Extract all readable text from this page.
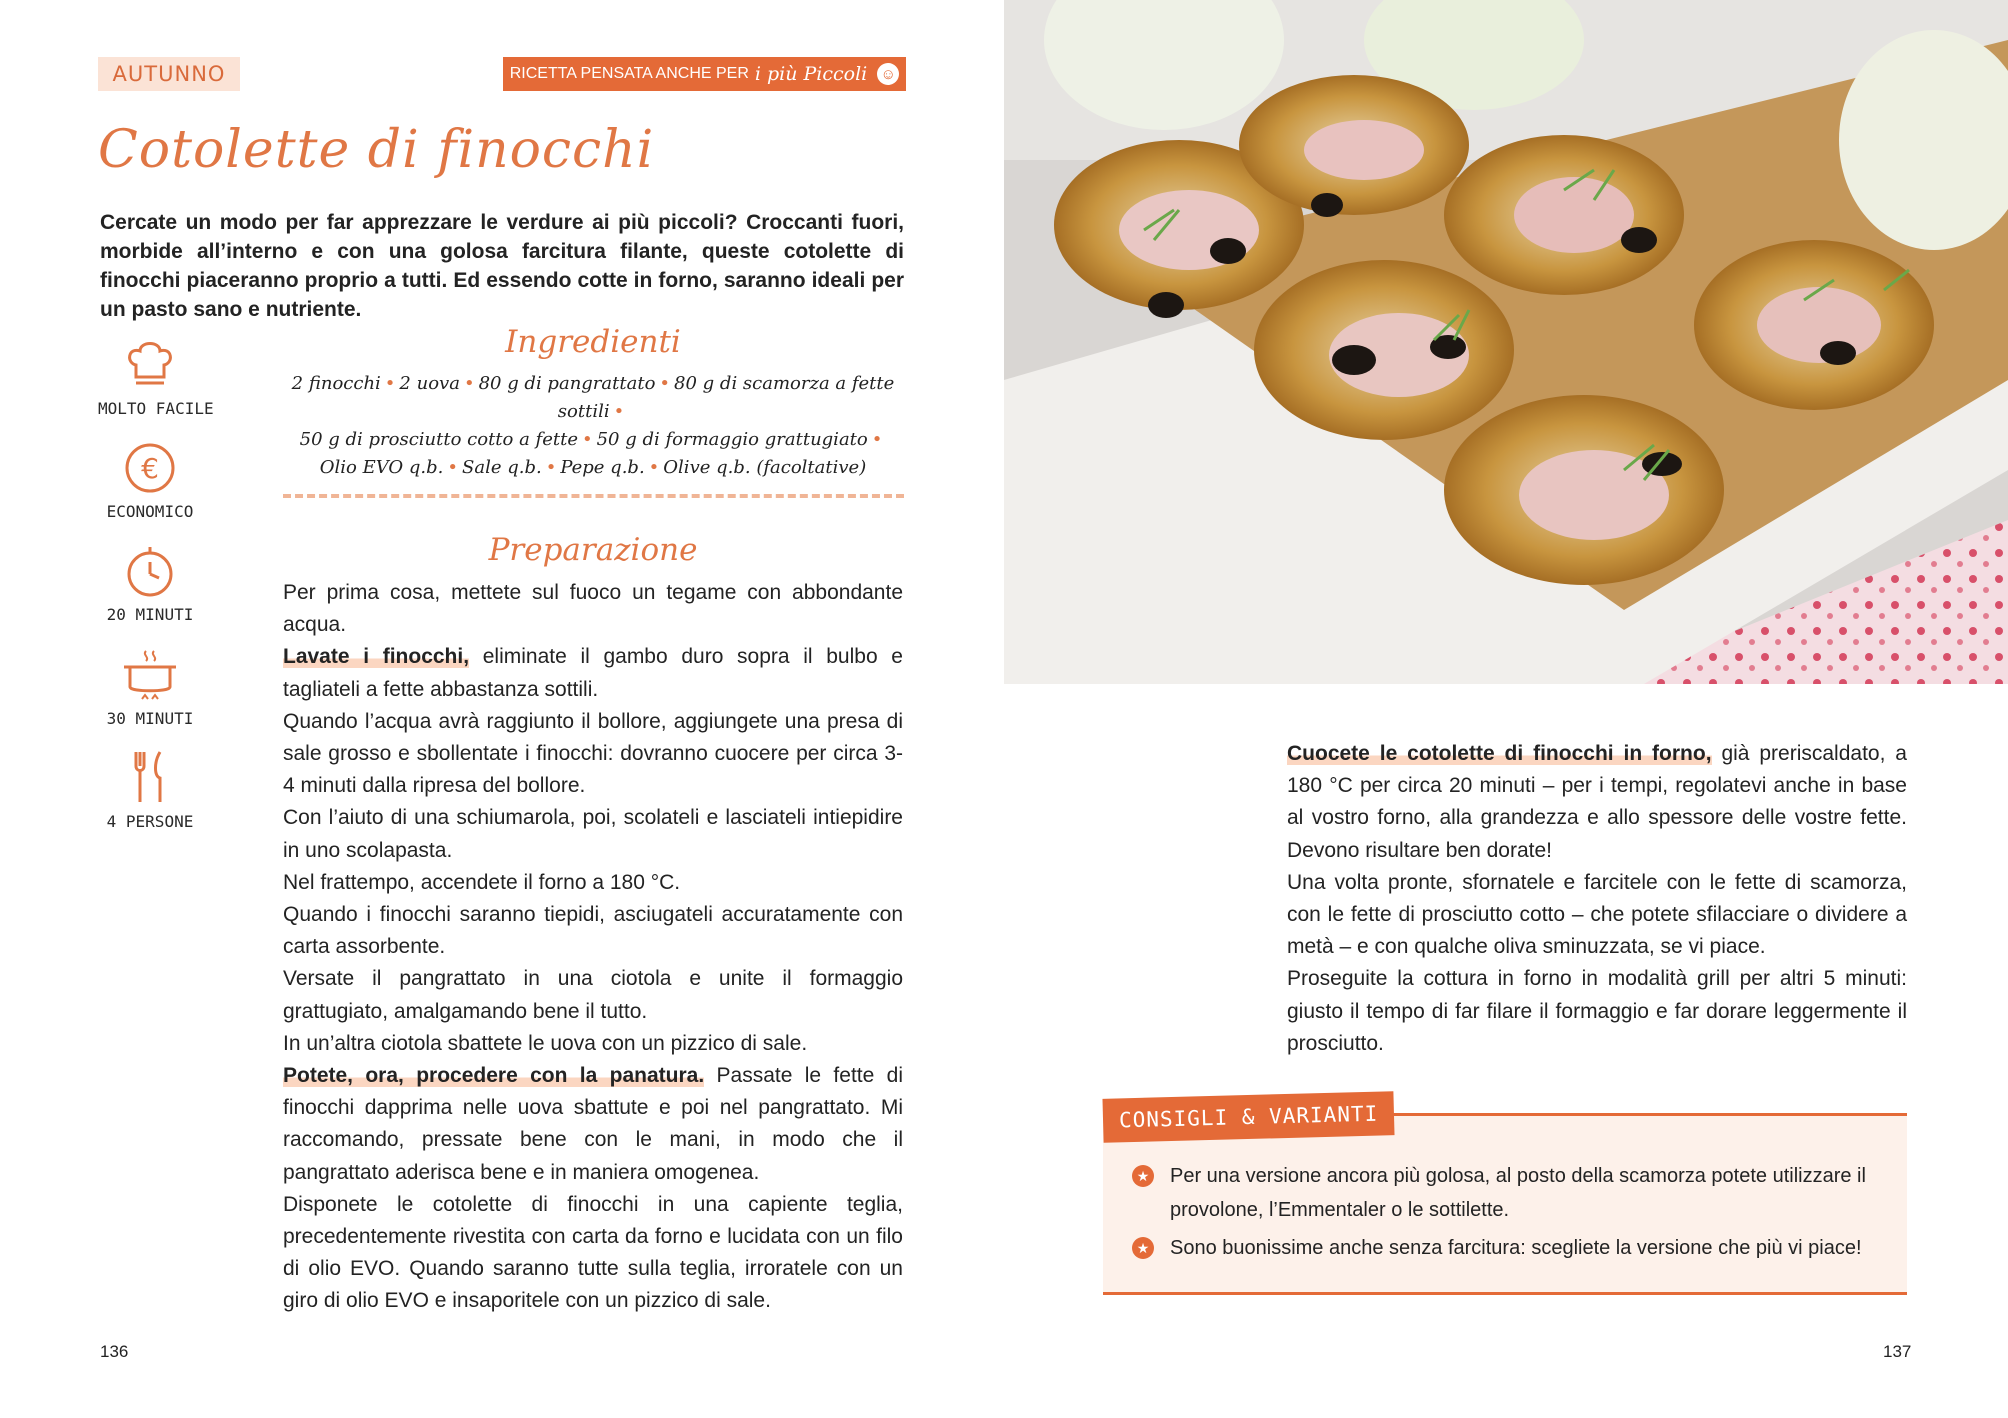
AUTUNNO	RICETTA PENSATA ANCHE PER i più Piccoli ☺
Cotolette di finocchi
Cercate un modo per far apprezzare le verdure ai più piccoli? Croccanti fuori, morbide all’interno e con una golosa farcitura filante, queste cotolette di finocchi piaceranno proprio a tutti. Ed essendo cotte in forno, saranno ideali per un pasto sano e nutriente.
MOLTO FACILE
€
ECONOMICO
20 MINUTI
30 MINUTI
4 PERSONE
Ingredienti
2 finocchi • 2 uova • 80 g di pangrattato • 80 g di scamorza a fette sottili •
50 g di prosciutto cotto a fette • 50 g di formaggio grattugiato •
Olio EVO q.b. • Sale q.b. • Pepe q.b. • Olive q.b. (facoltative)
Preparazione

Per prima cosa, mettete sul fuoco un tegame con abbondante acqua.

Lavate i finocchi, eliminate il gambo duro sopra il bulbo e tagliateli a fette abbastanza sottili.

Quando l’acqua avrà raggiunto il bollore, aggiungete una presa di sale grosso e sbollentate i finocchi: dovranno cuocere per circa 3-4 minuti dalla ripresa del bollore.

Con l’aiuto di una schiumarola, poi, scolateli e lasciateli intiepidire in uno scolapasta.

Nel frattempo, accendete il forno a 180 °C.

Quando i finocchi saranno tiepidi, asciugateli accuratamente con carta assorbente.

Versate il pangrattato in una ciotola e unite il formaggio grattugiato, amalgamando bene il tutto.

In un’altra ciotola sbattete le uova con un pizzico di sale.

Potete, ora, procedere con la panatura. Passate le fette di finocchi dapprima nelle uova sbattute e poi nel pangrattato. Mi raccomando, pressate bene con le mani, in modo che il pangrattato aderisca bene e in maniera omogenea.

Disponete le cotolette di finocchi in una capiente teglia, precedentemente rivestita con carta da forno e lucidata con un filo di olio EVO. Quando saranno tutte sulla teglia, irroratele con un giro di olio EVO e insaporitele con un pizzico di sale.

136

Cuocete le cotolette di finocchi in forno, già preriscaldato, a 180 °C per circa 20 minuti – per i tempi, regolatevi anche in base al vostro forno, alla grandezza e allo spessore delle vostre fette. Devono risultare ben dorate!

Una volta pronte, sfornatele e farcitele con le fette di scamorza, con le fette di prosciutto cotto – che potete sfilacciare o dividere a metà – e con qualche oliva sminuzzata, se vi piace.

Proseguite la cottura in forno in modalità grill per altri 5 minuti: giusto il tempo di far filare il formaggio e far dorare leggermente il prosciutto.

CONSIGLI & VARIANTI
★ Per una versione ancora più golosa, al posto della scamorza potete utilizzare il provolone, l’Emmentaler o le sottilette.
★ Sono buonissime anche senza farcitura: scegliete la versione che più vi piace!
137
